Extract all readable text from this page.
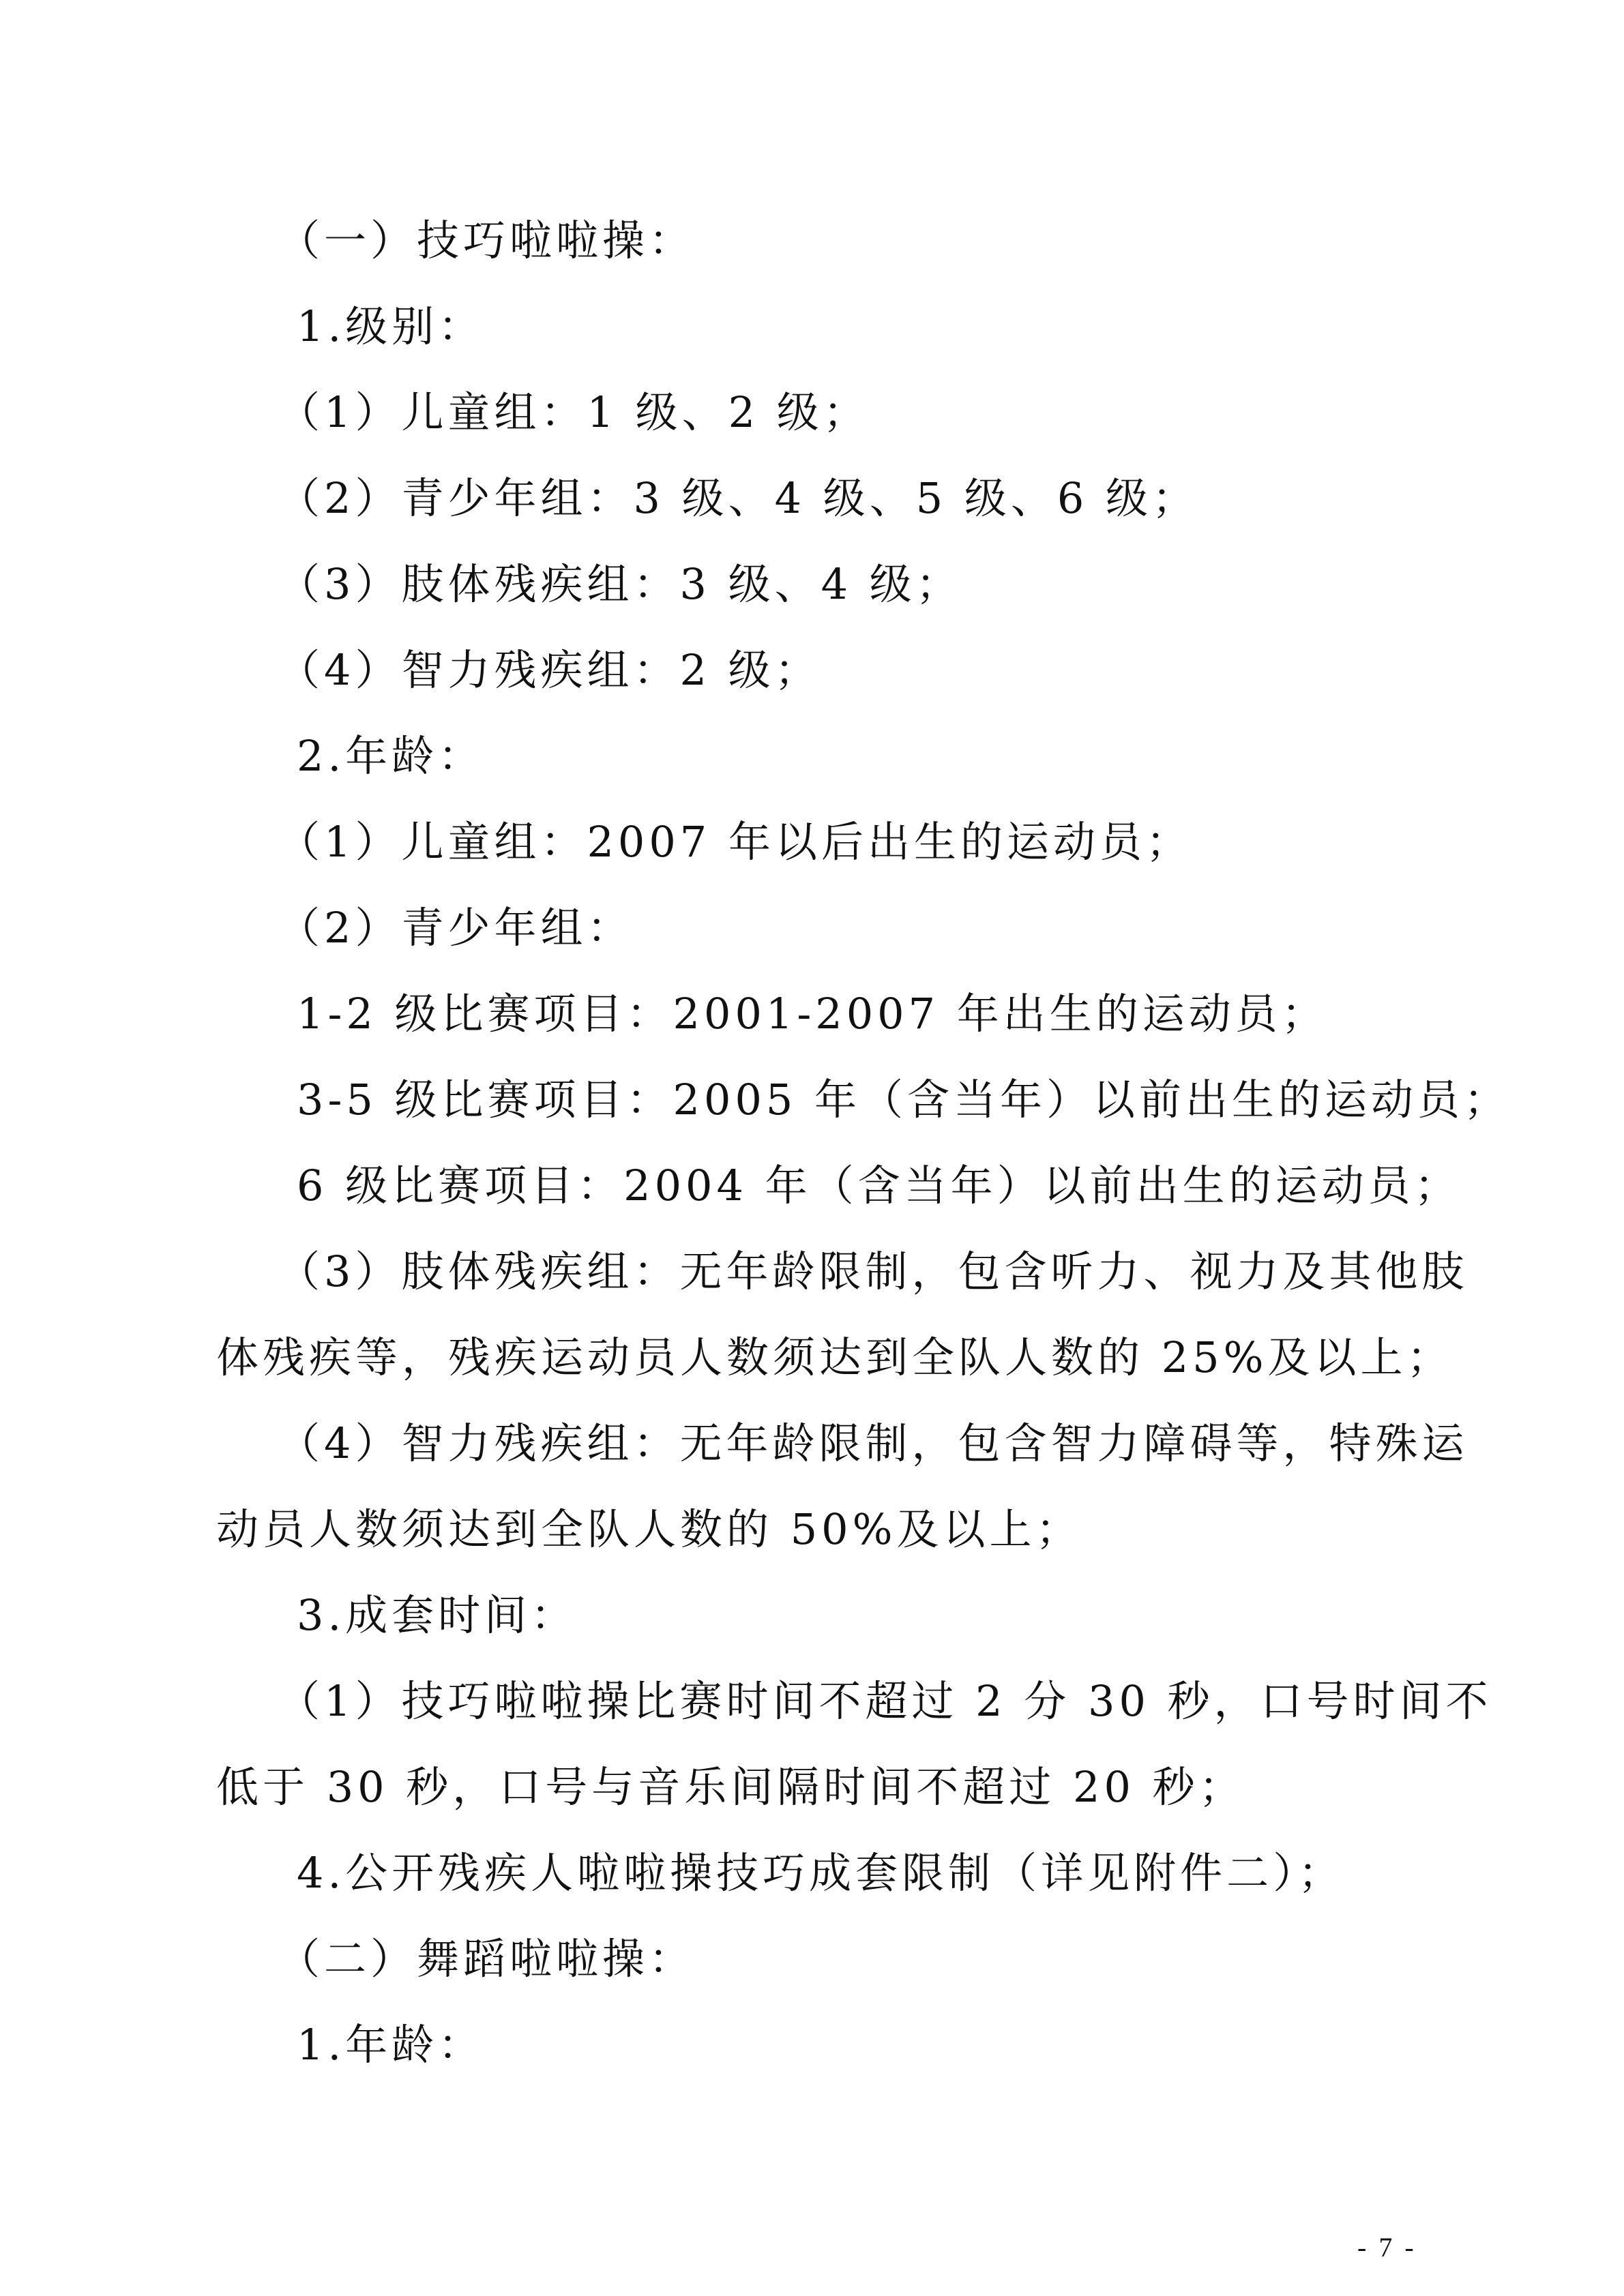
（一）技巧啦啦操：
1.级别：
（1）儿童组：1 级、2 级；
（2）青少年组：3 级、4 级、5 级、6 级；
（3）肢体残疾组：3 级、4 级；
（4）智力残疾组：2 级；
2.年龄：
（1）儿童组：2007 年以后出生的运动员；
（2）青少年组：
1-2 级比赛项目：2001-2007 年出生的运动员；
3-5 级比赛项目：2005 年（含当年）以前出生的运动员；
6 级比赛项目：2004 年（含当年）以前出生的运动员；
（3）肢体残疾组：无年龄限制，包含听力、视力及其他肢
体残疾等，残疾运动员人数须达到全队人数的 25%及以上；
（4）智力残疾组：无年龄限制，包含智力障碍等，特殊运
动员人数须达到全队人数的 50%及以上；
3.成套时间：
（1）技巧啦啦操比赛时间不超过 2 分 30 秒，口号时间不
低于 30 秒，口号与音乐间隔时间不超过 20 秒；
4.公开残疾人啦啦操技巧成套限制（详见附件二）；
（二）舞蹈啦啦操：
1.年龄：
- 7 -
